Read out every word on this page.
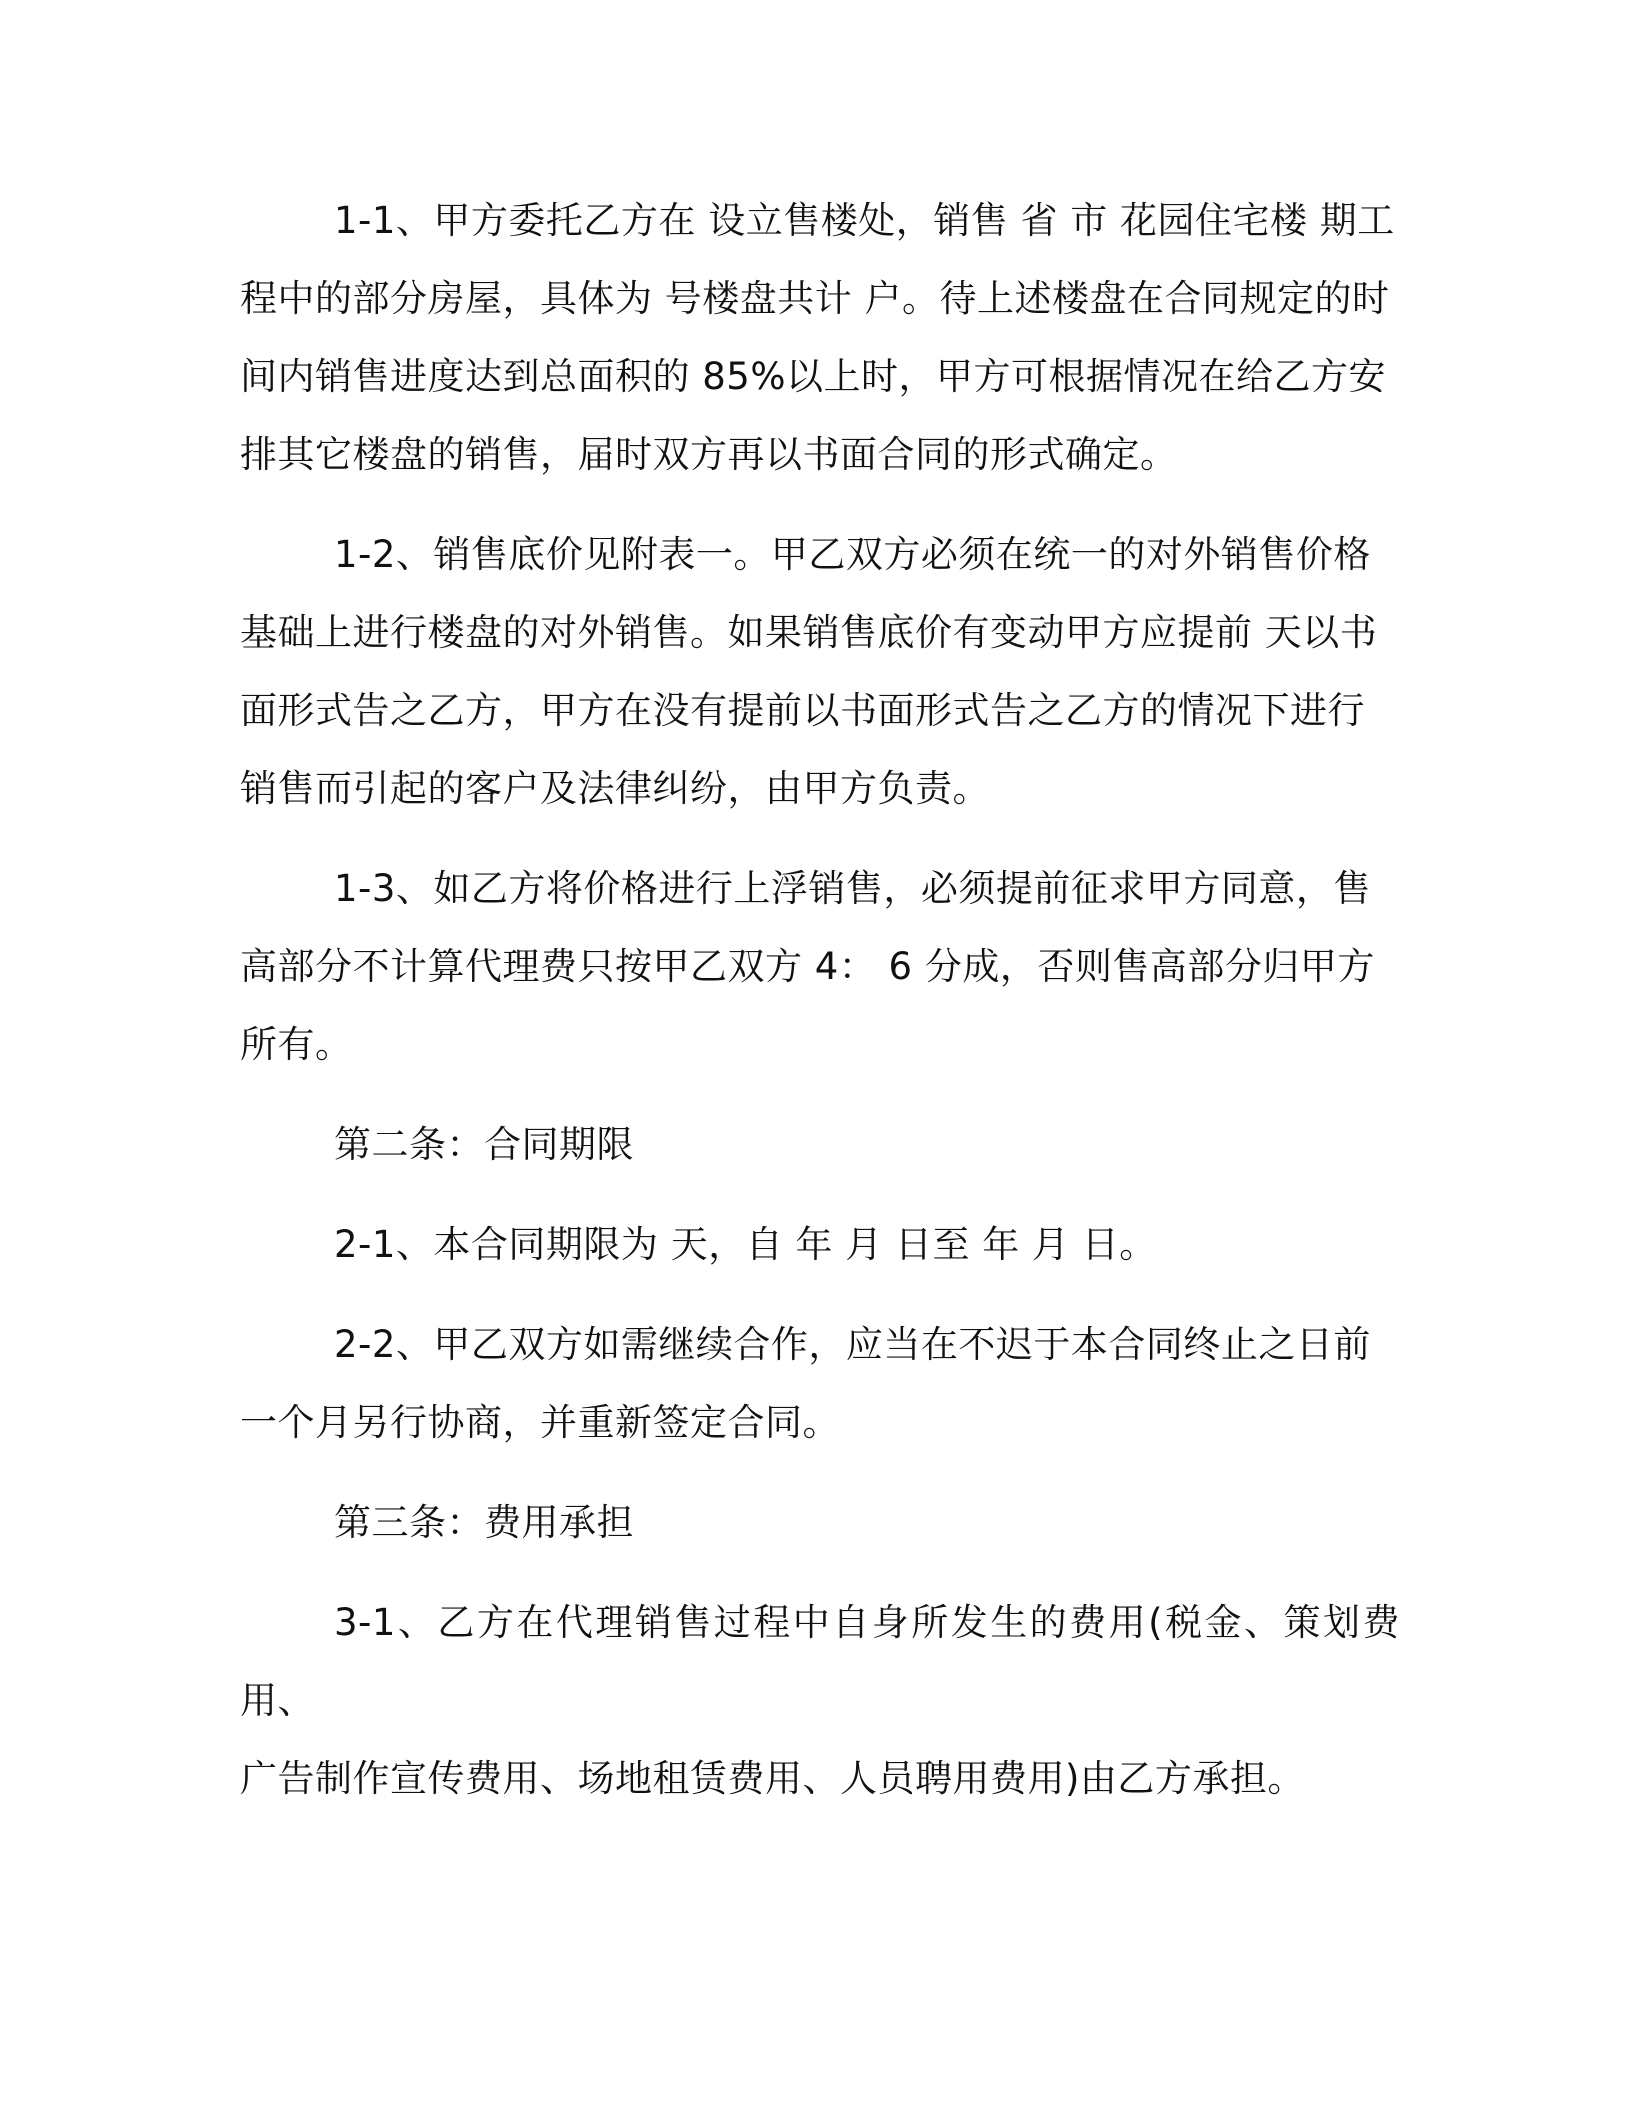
1-1、甲方委托乙方在 设立售楼处，销售 省 市 花园住宅楼 期工
程中的部分房屋，具体为 号楼盘共计 户。待上述楼盘在合同规定的时
间内销售进度达到总面积的 85%以上时，甲方可根据情况在给乙方安
排其它楼盘的销售，届时双方再以书面合同的形式确定。

1-2、销售底价见附表一。甲乙双方必须在统一的对外销售价格
基础上进行楼盘的对外销售。如果销售底价有变动甲方应提前 天以书
面形式告之乙方，甲方在没有提前以书面形式告之乙方的情况下进行
销售而引起的客户及法律纠纷，由甲方负责。

1-3、如乙方将价格进行上浮销售，必须提前征求甲方同意，售
高部分不计算代理费只按甲乙双方 4： 6 分成，否则售高部分归甲方
所有。

第二条：合同期限

2-1、本合同期限为 天，自 年 月 日至 年 月 日。

2-2、甲乙双方如需继续合作，应当在不迟于本合同终止之日前
一个月另行协商，并重新签定合同。

第三条：费用承担

3-1、乙方在代理销售过程中自身所发生的费用(税金、策划费用、
广告制作宣传费用、场地租赁费用、人员聘用费用)由乙方承担。
